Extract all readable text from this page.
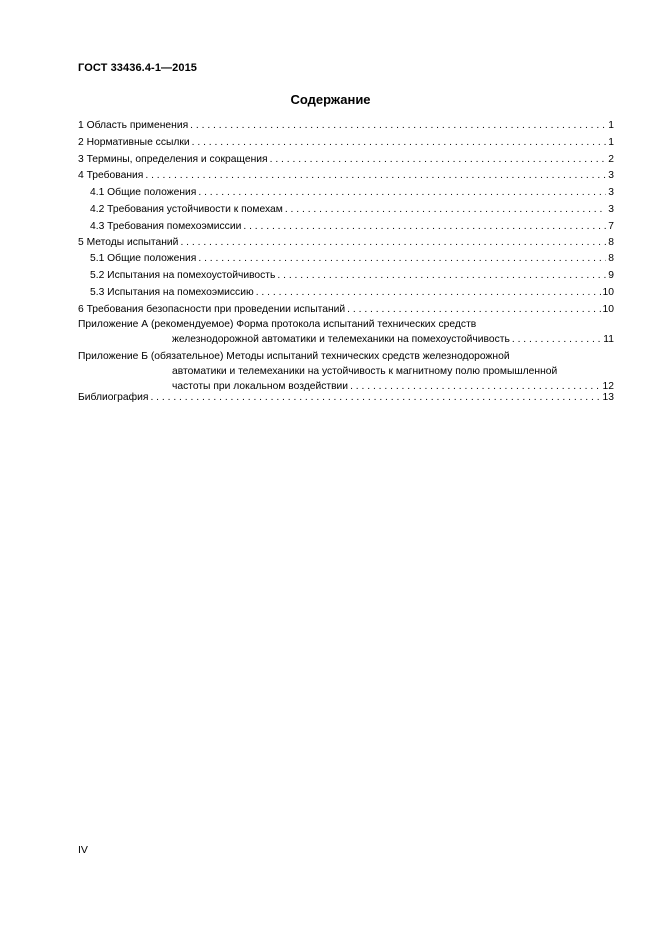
ГОСТ 33436.4-1—2015
Содержание
1 Область применения	1
2 Нормативные ссылки	1
3 Термины, определения и сокращения	2
4 Требования	3
4.1 Общие положения	3
4.2 Требования устойчивости к помехам	3
4.3 Требования помехоэмиссии	7
5 Методы испытаний	8
5.1 Общие положения	8
5.2 Испытания на помехоустойчивость	9
5.3 Испытания на помехоэмиссию	10
6 Требования безопасности при проведении испытаний	10
Приложение А (рекомендуемое) Форма протокола испытаний технических средств
железнодорожной автоматики и телемеханики на помехоустойчивость	11
Приложение Б (обязательное) Методы испытаний технических средств железнодорожной
автоматики и телемеханики на устойчивость к магнитному полю промышленной
частоты при локальном воздействии	12
Библиография	13
IV
